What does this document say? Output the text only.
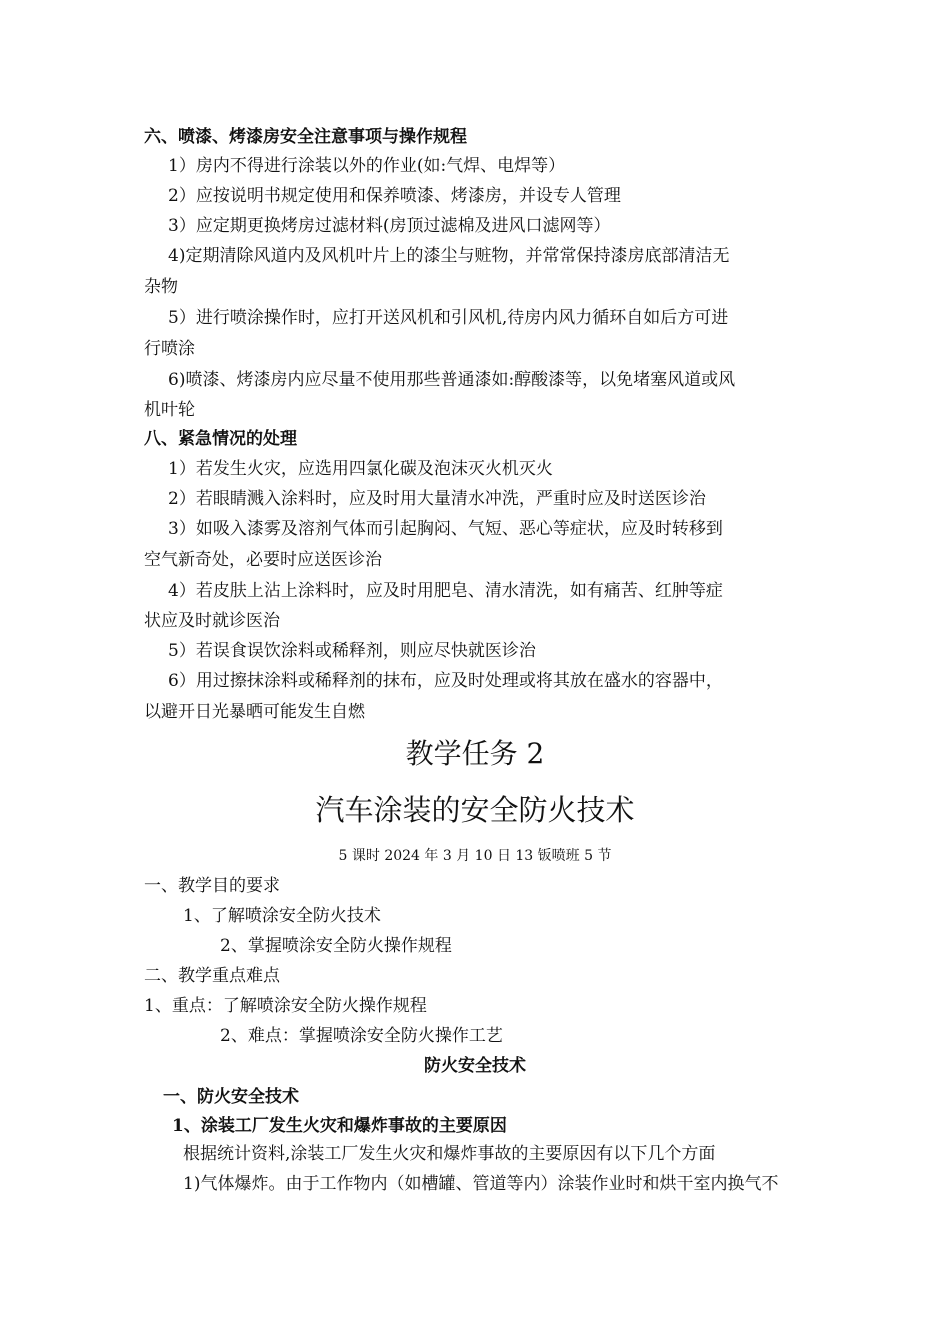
六、喷漆、烤漆房安全注意事项与操作规程
1）房内不得进行涂装以外的作业(如:气焊、电焊等）
2）应按说明书规定使用和保养喷漆、烤漆房，并设专人管理
3）应定期更换烤房过滤材料(房顶过滤棉及进风口滤网等）
4)定期清除风道内及风机叶片上的漆尘与赃物，并常常保持漆房底部清洁无
杂物
5）进行喷涂操作时，应打开送风机和引风机,待房内风力循环自如后方可进
行喷涂
6)喷漆、烤漆房内应尽量不使用那些普通漆如:醇酸漆等，以免堵塞风道或风
机叶轮
八、紧急情况的处理
1）若发生火灾，应选用四氯化碳及泡沫灭火机灭火
2）若眼睛溅入涂料时，应及时用大量清水冲洗，严重时应及时送医诊治
3）如吸入漆雾及溶剂气体而引起胸闷、气短、恶心等症状，应及时转移到
空气新奇处，必要时应送医诊治
4）若皮肤上沾上涂料时，应及时用肥皂、清水清洗，如有痛苦、红肿等症
状应及时就诊医治
5）若误食误饮涂料或稀释剂，则应尽快就医诊治
6）用过擦抹涂料或稀释剂的抹布，应及时处理或将其放在盛水的容器中，
以避开日光暴晒可能发生自燃
教学任务 2
汽车涂装的安全防火技术
5 课时 2024 年 3 月 10 日 13 钣喷班 5 节
一、教学目的要求
1、了解喷涂安全防火技术
2、掌握喷涂安全防火操作规程
二、教学重点难点
1、重点：了解喷涂安全防火操作规程
2、难点：掌握喷涂安全防火操作工艺
防火安全技术
一、防火安全技术
1、涂装工厂发生火灾和爆炸事故的主要原因
根据统计资料,涂装工厂发生火灾和爆炸事故的主要原因有以下几个方面
1)气体爆炸。由于工作物内（如槽罐、管道等内）涂装作业时和烘干室内换气不
